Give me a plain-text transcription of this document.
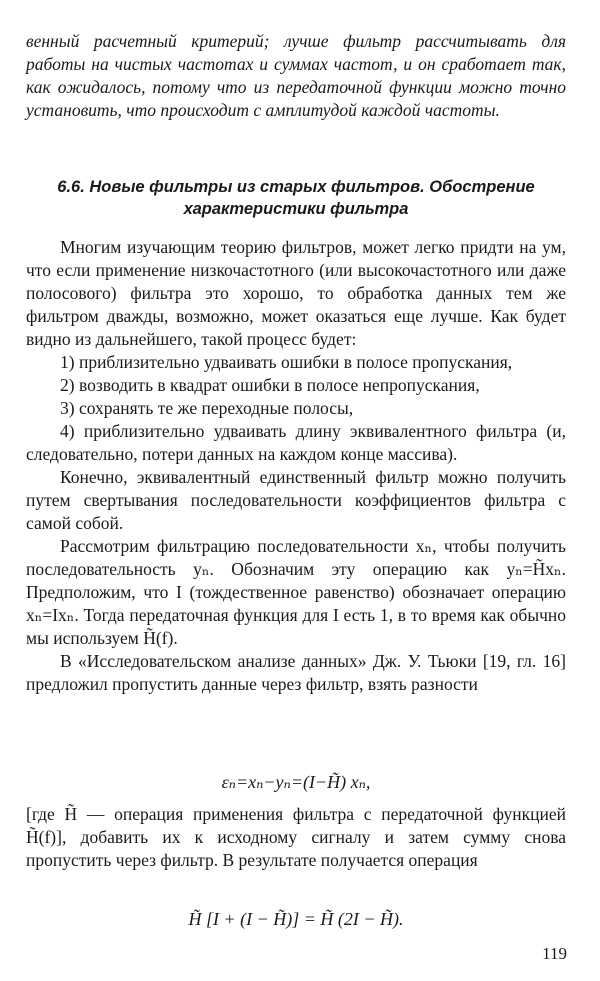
венный расчетный критерий; лучше фильтр рассчитывать для работы на чистых частотах и суммах частот, и он сработает так, как ожидалось, потому что из передаточной функции можно точно установить, что происходит с амплитудой каждой частоты.

6.6. Новые фильтры из старых фильтров. Обострение
характеристики фильтра

Многим изучающим теорию фильтров, может легко придти на ум, что если применение низкочастотного (или высокочастотного или даже полосового) фильтра это хорошо, то обработка данных тем же фильтром дважды, возможно, может оказаться еще лучше. Как будет видно из дальнейшего, такой процесс будет:

1) приблизительно удваивать ошибки в полосе пропускания,

2) возводить в квадрат ошибки в полосе непропускания,

3) сохранять те же переходные полосы,

4) приблизительно удваивать длину эквивалентного фильтра (и, следовательно, потери данных на каждом конце массива).

Конечно, эквивалентный единственный фильтр можно получить путем свертывания последовательности коэффициентов фильтра с самой собой.

Рассмотрим фильтрацию последовательности xₙ, чтобы получить последовательность yₙ. Обозначим эту операцию как yₙ=H̃xₙ. Предположим, что I (тождественное равенство) обозначает операцию xₙ=Ixₙ. Тогда передаточная функция для I есть 1, в то время как обычно мы используем H̃(f).

В «Исследовательском анализе данных» Дж. У. Тьюки [19, гл. 16] предложил пропустить данные через фильтр, взять разности

εₙ=xₙ−yₙ=(I−H̃) xₙ,

[где H̃ — операция применения фильтра с передаточной функцией H̃(f)], добавить их к исходному сигналу и затем сумму снова пропустить через фильтр. В результате получается операция

H̃ [I + (I − H̃)] = H̃ (2I − H̃).

119
